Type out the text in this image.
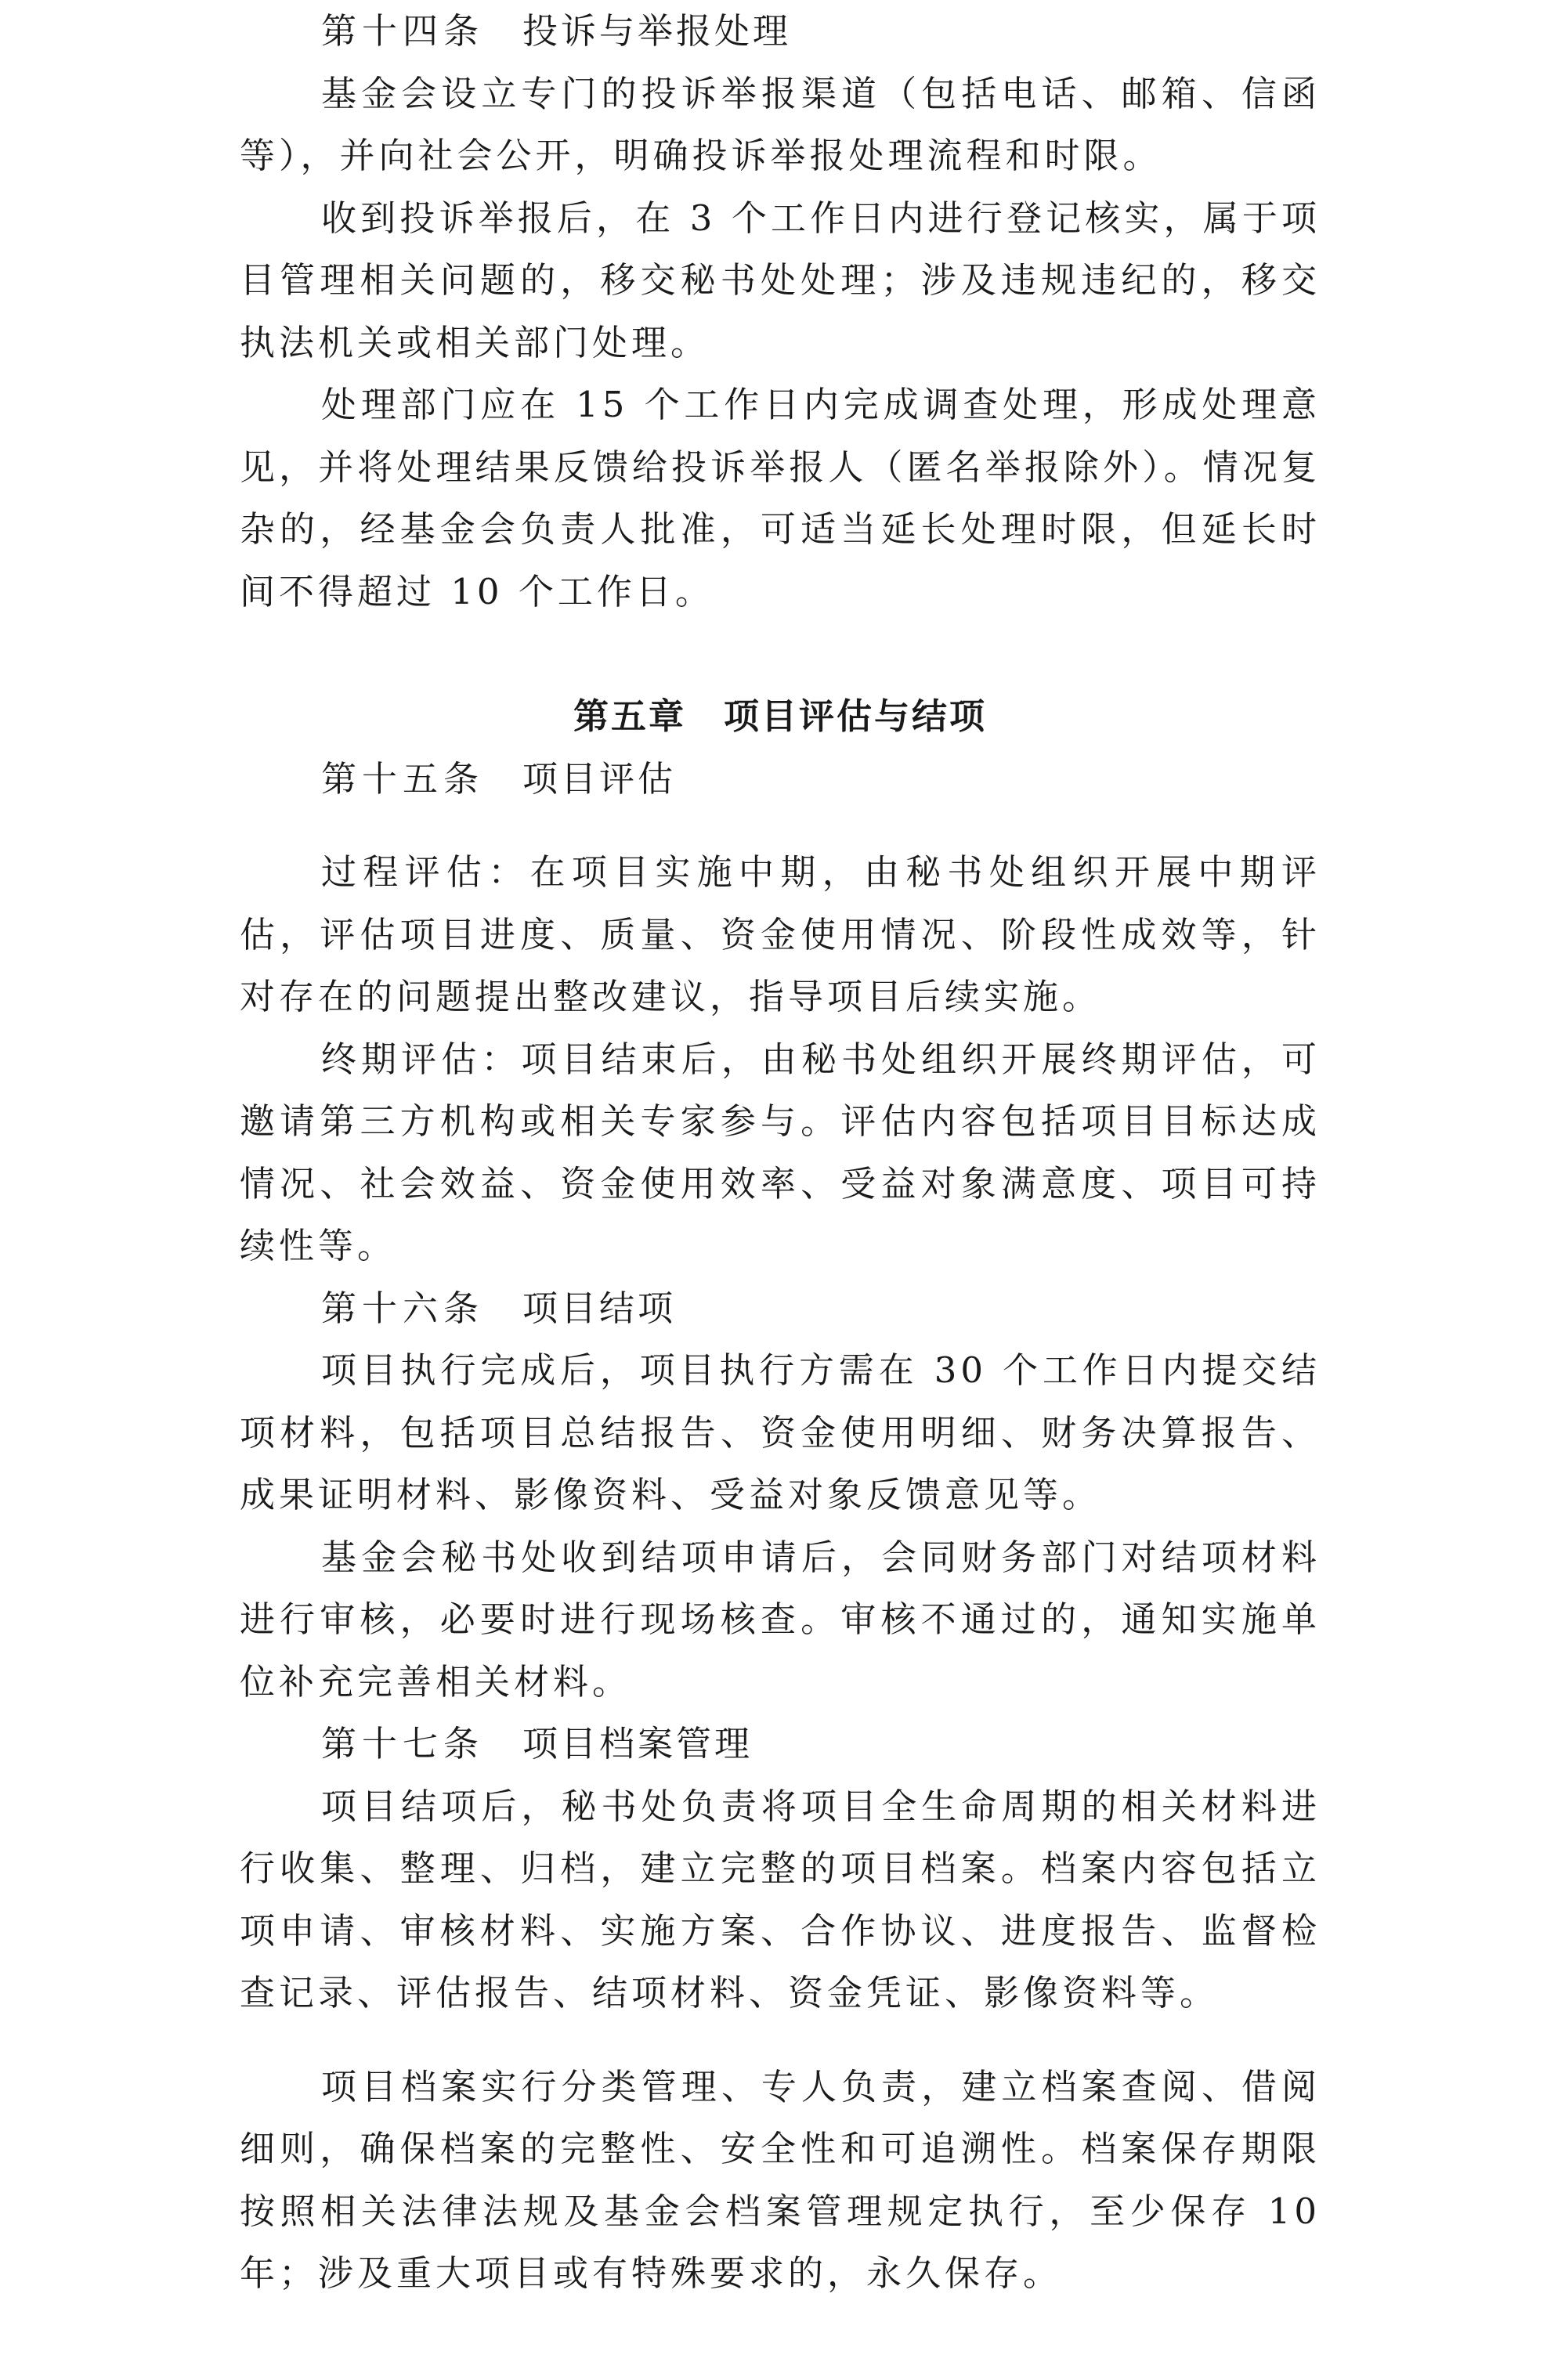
第十四条　 投诉与举报处理

基金会设立专门的投诉举报渠道（包括电话、邮箱、信函等），并向社会公开，明确投诉举报处理流程和时限。

收到投诉举报后，在 3 个工作日内进行登记核实，属于项目管理相关问题的，移交秘书处处理；涉及违规违纪的，移交执法机关或相关部门处理。

处理部门应在 15 个工作日内完成调查处理，形成处理意见，并将处理结果反馈给投诉举报人（匿名举报除外）。情况复杂的，经基金会负责人批准，可适当延长处理时限，但延长时间不得超过 10 个工作日。

第五章　项目评估与结项

第十五条　 项目评估

过程评估：在项目实施中期，由秘书处组织开展中期评估，评估项目进度、质量、资金使用情况、阶段性成效等，针对存在的问题提出整改建议，指导项目后续实施。

终期评估：项目结束后，由秘书处组织开展终期评估，可邀请第三方机构或相关专家参与。评估内容包括项目目标达成情况、社会效益、资金使用效率、受益对象满意度、项目可持续性等。

第十六条　 项目结项

项目执行完成后，项目执行方需在 30 个工作日内提交结项材料，包括项目总结报告、资金使用明细、财务决算报告、成果证明材料、影像资料、受益对象反馈意见等。

基金会秘书处收到结项申请后，会同财务部门对结项材料进行审核，必要时进行现场核查。审核不通过的，通知实施单位补充完善相关材料。

第十七条　 项目档案管理

项目结项后，秘书处负责将项目全生命周期的相关材料进行收集、整理、归档，建立完整的项目档案。档案内容包括立项申请、审核材料、实施方案、合作协议、进度报告、监督检查记录、评估报告、结项材料、资金凭证、影像资料等。

项目档案实行分类管理、专人负责，建立档案查阅、借阅细则，确保档案的完整性、安全性和可追溯性。档案保存期限按照相关法律法规及基金会档案管理规定执行，至少保存 10 年；涉及重大项目或有特殊要求的，永久保存。
